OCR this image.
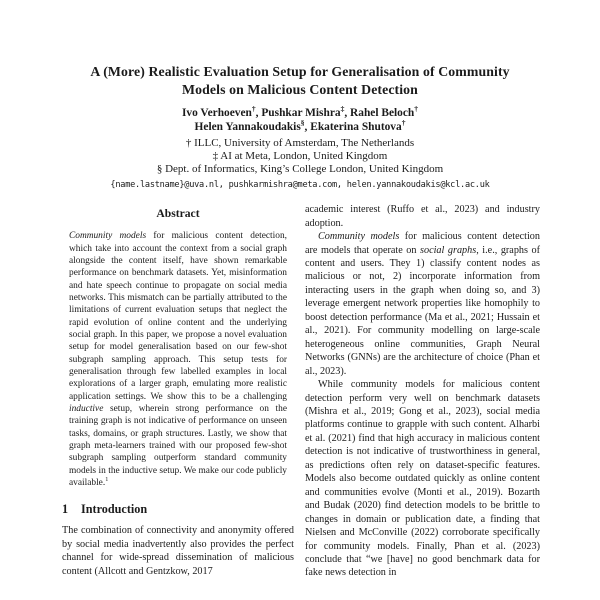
A (More) Realistic Evaluation Setup for Generalisation of Community Models on Malicious Content Detection
Ivo Verhoeven†, Pushkar Mishra‡, Rahel Beloch†
Helen Yannakoudakis§, Ekaterina Shutova†
† ILLC, University of Amsterdam, The Netherlands
‡ AI at Meta, London, United Kingdom
§ Dept. of Informatics, King’s College London, United Kingdom
{name.lastname}@uva.nl, pushkarmishra@meta.com, helen.yannakoudakis@kcl.ac.uk
Abstract

Community models for malicious content detection, which take into account the context from a social graph alongside the content itself, have shown remarkable performance on benchmark datasets. Yet, misinformation and hate speech continue to propagate on social media networks. This mismatch can be partially attributed to the limitations of current evaluation setups that neglect the rapid evolution of online content and the underlying social graph. In this paper, we propose a novel evaluation setup for model generalisation based on our few-shot subgraph sampling approach. This setup tests for generalisation through few labelled examples in local explorations of a larger graph, emulating more realistic application settings. We show this to be a challenging inductive setup, wherein strong performance on the training graph is not indicative of performance on unseen tasks, domains, or graph structures. Lastly, we show that graph meta-learners trained with our proposed few-shot subgraph sampling outperform standard community models in the inductive setup. We make our code publicly available.$^1$

1 Introduction

The combination of connectivity and anonymity offered by social media inadvertently also provides the perfect channel for wide-spread dissemination of malicious content (Allcott and Gentzkow, 2017

academic interest (Ruffo et al., 2023) and industry adoption.

Community models for malicious content detection are models that operate on social graphs, i.e., graphs of content and users. They 1) classify content nodes as malicious or not, 2) incorporate information from interacting users in the graph when doing so, and 3) leverage emergent network properties like homophily to boost detection performance (Ma et al., 2021; Hussain et al., 2021). For community modelling on large-scale heterogeneous online communities, Graph Neural Networks (GNNs) are the architecture of choice (Phan et al., 2023).

While community models for malicious content detection perform very well on benchmark datasets (Mishra et al., 2019; Gong et al., 2023), social media platforms continue to grapple with such content. Alharbi et al. (2021) find that high accuracy in malicious content detection is not indicative of trustworthiness in general, as predictions often rely on dataset-specific features. Models also become outdated quickly as online content and communities evolve (Monti et al., 2019). Bozarth and Budak (2020) find detection models to be brittle to changes in domain or publication date, a finding that Nielsen and McConville (2022) corroborate specifically for community models. Finally, Phan et al. (2023) conclude that “we [have] no good benchmark data for fake news detection in
